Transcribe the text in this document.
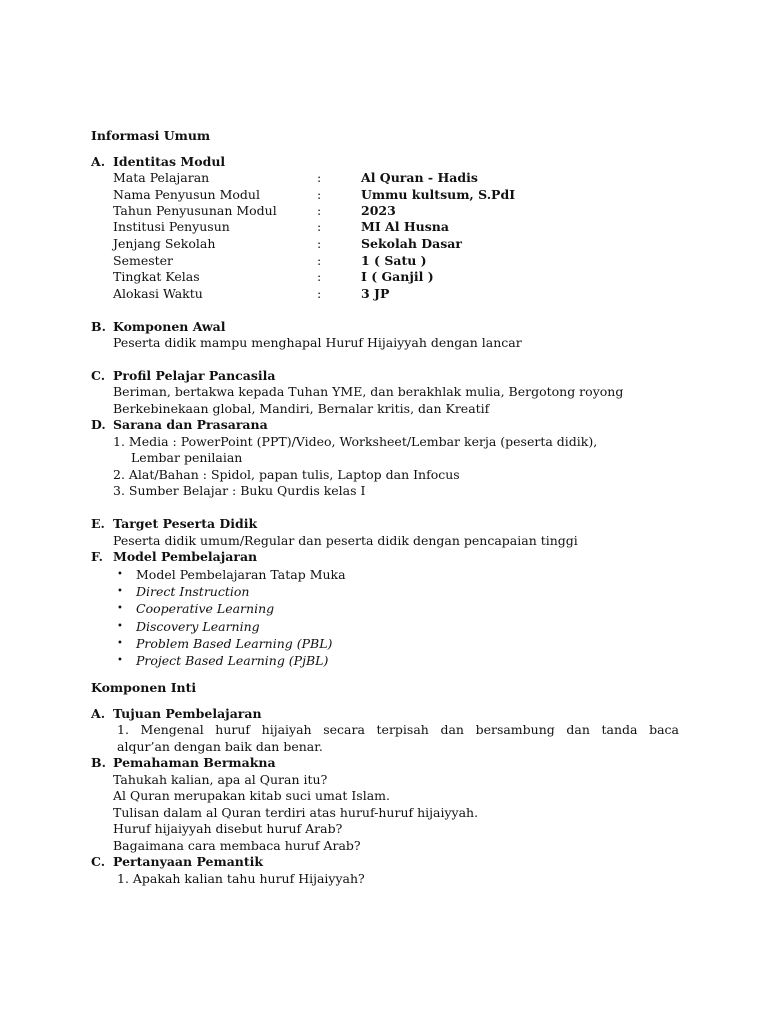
Informasi Umum
A. Identitas Modul
Mata Pelajaran	:	Al Quran - Hadis
Nama Penyusun Modul	:	Ummu kultsum, S.PdI
Tahun Penyusunan Modul	:	2023
Institusi Penyusun	:	MI Al Husna
Jenjang Sekolah	:	Sekolah Dasar
Semester	:	1 ( Satu )
Tingkat Kelas	:	I ( Ganjil )
Alokasi Waktu	:	3 JP
B. Komponen Awal
Peserta didik mampu menghapal Huruf Hijaiyyah dengan lancar
C. Profil Pelajar Pancasila
Beriman, bertakwa kepada Tuhan YME, dan berakhlak mulia, Bergotong royong
Berkebinekaan global, Mandiri, Bernalar kritis, dan Kreatif
D. Sarana dan Prasarana
1. Media : PowerPoint (PPT)/Video, Worksheet/Lembar kerja (peserta didik),
Lembar penilaian
2. Alat/Bahan : Spidol, papan tulis, Laptop dan Infocus
3. Sumber Belajar : Buku Qurdis kelas I
E. Target Peserta Didik
Peserta didik umum/Regular dan peserta didik dengan pencapaian tinggi
F. Model Pembelajaran
• Model Pembelajaran Tatap Muka
• Direct Instruction
• Cooperative Learning
• Discovery Learning
• Problem Based Learning (PBL)
• Project Based Learning (PjBL)
Komponen Inti
A. Tujuan Pembelajaran
1. Mengenal huruf hijaiyah secara terpisah dan bersambung dan tanda baca
alqur’an dengan baik dan benar.
B. Pemahaman Bermakna
Tahukah kalian, apa al Quran itu?
Al Quran merupakan kitab suci umat Islam.
Tulisan dalam al Quran terdiri atas huruf-huruf hijaiyyah.
Huruf hijaiyyah disebut huruf Arab?
Bagaimana cara membaca huruf Arab?
C. Pertanyaan Pemantik
1. Apakah kalian tahu huruf Hijaiyyah?
